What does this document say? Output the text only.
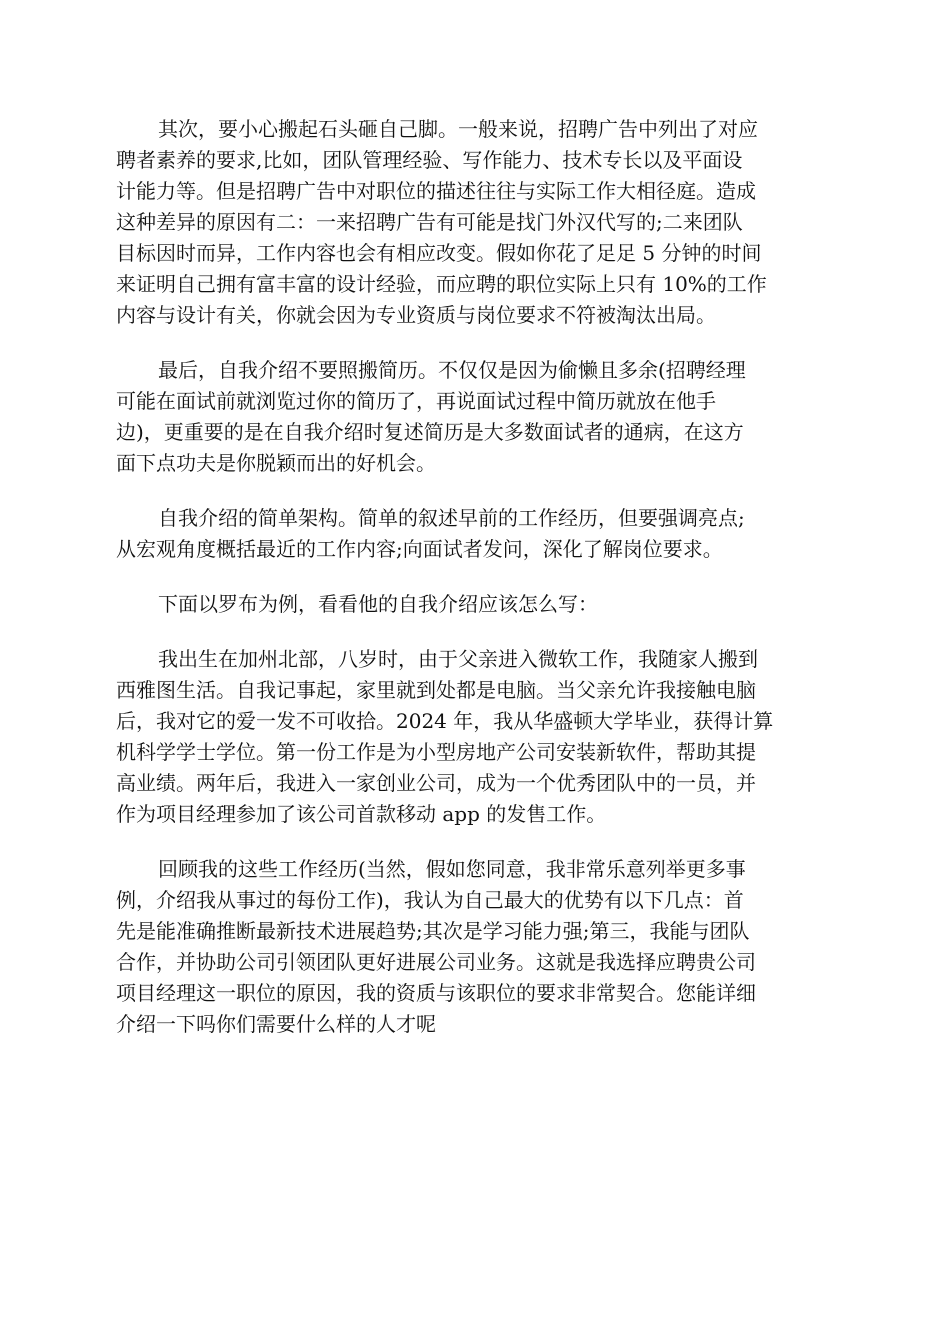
其次，要小心搬起石头砸自己脚。一般来说，招聘广告中列出了对应
聘者素养的要求,比如，团队管理经验、写作能力、技术专长以及平面设
计能力等。但是招聘广告中对职位的描述往往与实际工作大相径庭。造成
这种差异的原因有二：一来招聘广告有可能是找门外汉代写的;二来团队
目标因时而异，工作内容也会有相应改变。假如你花了足足 5 分钟的时间
来证明自己拥有富丰富的设计经验，而应聘的职位实际上只有 10%的工作
内容与设计有关，你就会因为专业资质与岗位要求不符被淘汰出局。
最后，自我介绍不要照搬简历。不仅仅是因为偷懒且多余(招聘经理
可能在面试前就浏览过你的简历了，再说面试过程中简历就放在他手
边)，更重要的是在自我介绍时复述简历是大多数面试者的通病，在这方
面下点功夫是你脱颖而出的好机会。
自我介绍的简单架构。简单的叙述早前的工作经历，但要强调亮点;
从宏观角度概括最近的工作内容;向面试者发问，深化了解岗位要求。
下面以罗布为例，看看他的自我介绍应该怎么写：
我出生在加州北部，八岁时，由于父亲进入微软工作，我随家人搬到
西雅图生活。自我记事起，家里就到处都是电脑。当父亲允许我接触电脑
后，我对它的爱一发不可收拾。2024 年，我从华盛顿大学毕业，获得计算
机科学学士学位。第一份工作是为小型房地产公司安装新软件，帮助其提
高业绩。两年后，我进入一家创业公司，成为一个优秀团队中的一员，并
作为项目经理参加了该公司首款移动 app 的发售工作。
回顾我的这些工作经历(当然，假如您同意，我非常乐意列举更多事
例，介绍我从事过的每份工作)，我认为自己最大的优势有以下几点：首
先是能准确推断最新技术进展趋势;其次是学习能力强;第三，我能与团队
合作，并协助公司引领团队更好进展公司业务。这就是我选择应聘贵公司
项目经理这一职位的原因，我的资质与该职位的要求非常契合。您能详细
介绍一下吗你们需要什么样的人才呢
